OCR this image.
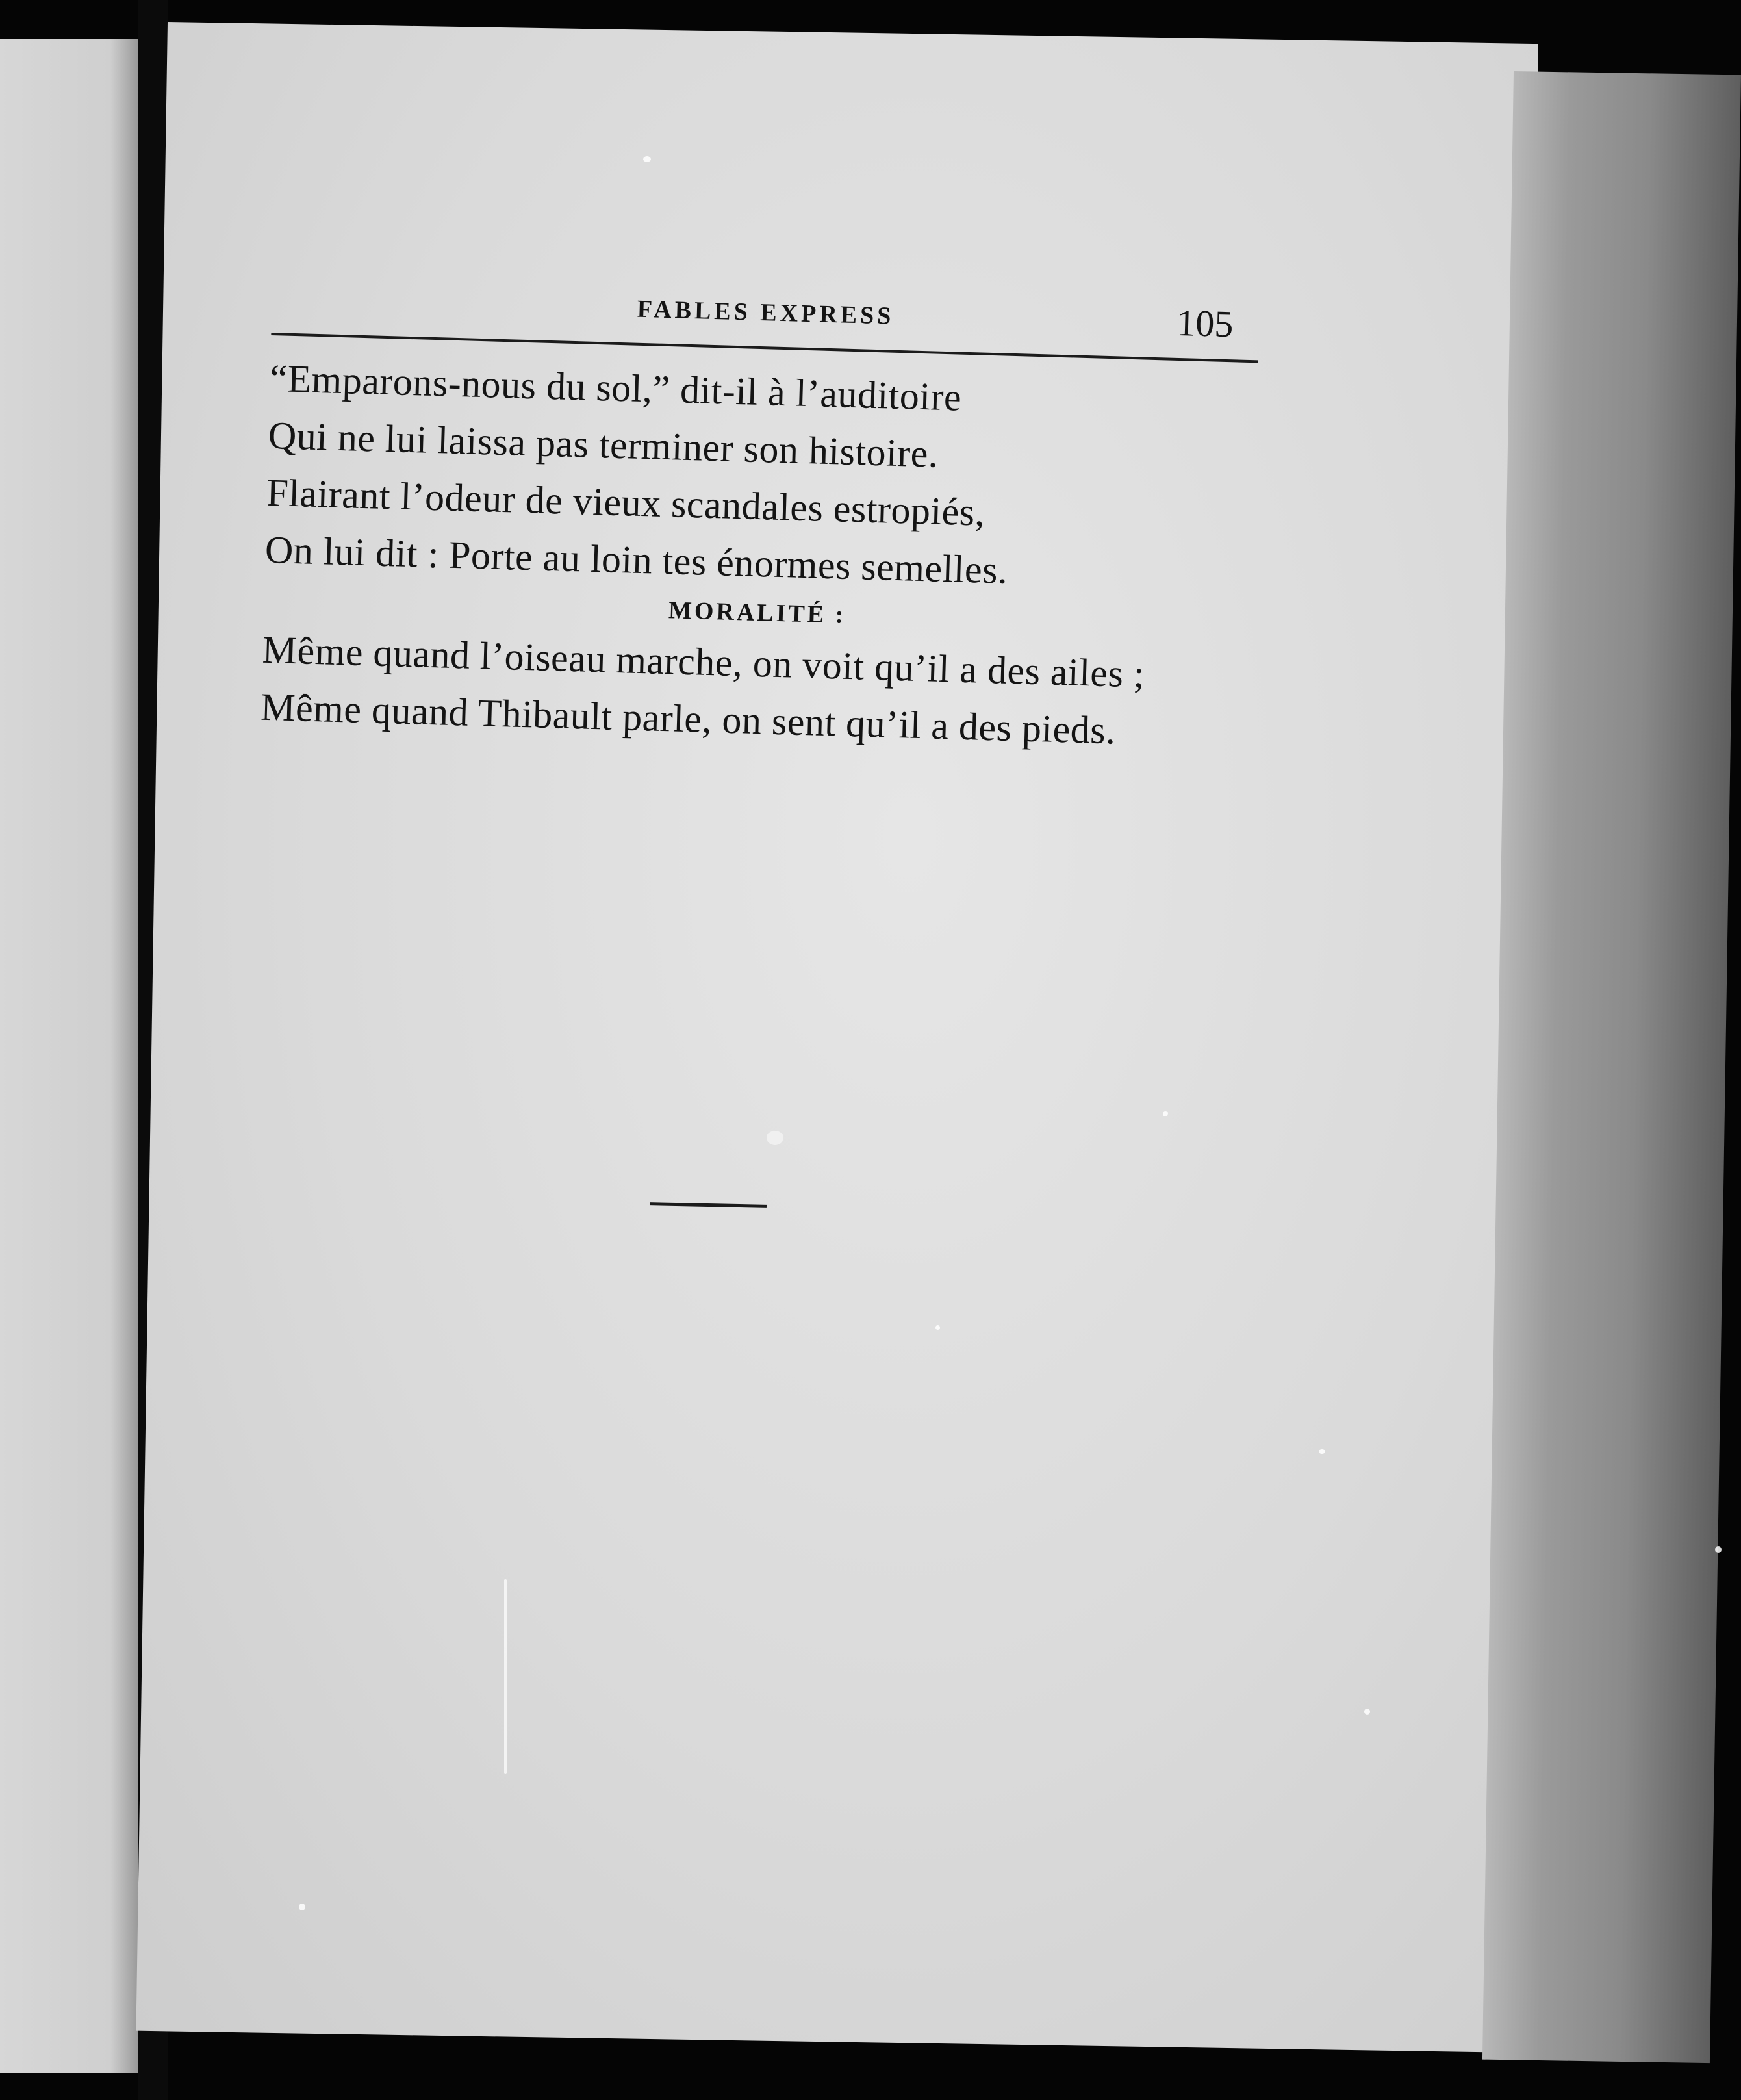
FABLES EXPRESS	105
“Emparons-nous du sol,” dit-il à l’auditoire
Qui ne lui laissa pas terminer son histoire.
Flairant l’odeur de vieux scandales estropiés,
On lui dit : Porte au loin tes énormes semelles.
MORALITÉ :
Même quand l’oiseau marche, on voit qu’il a des ailes ;
Même quand Thibault parle, on sent qu’il a des pieds.
